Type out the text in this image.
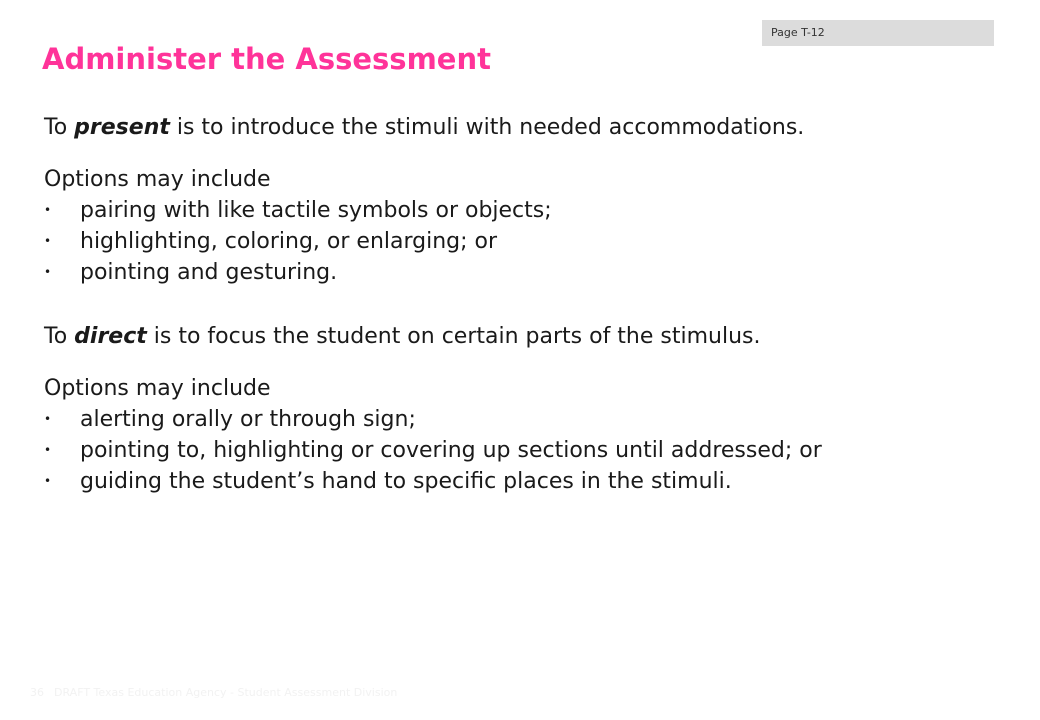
Page T-12
Administer the Assessment

To present is to introduce the stimuli with needed accommodations.

Options may include

• pairing with like tactile symbols or objects;
• highlighting, coloring, or enlarging; or
• pointing and gesturing.

To direct is to focus the student on certain parts of the stimulus.

Options may include

• alerting orally or through sign;
• pointing to, highlighting or covering up sections until addressed; or
• guiding the student’s hand to specific places in the stimuli.
36 DRAFT Texas Education Agency - Student Assessment Division
